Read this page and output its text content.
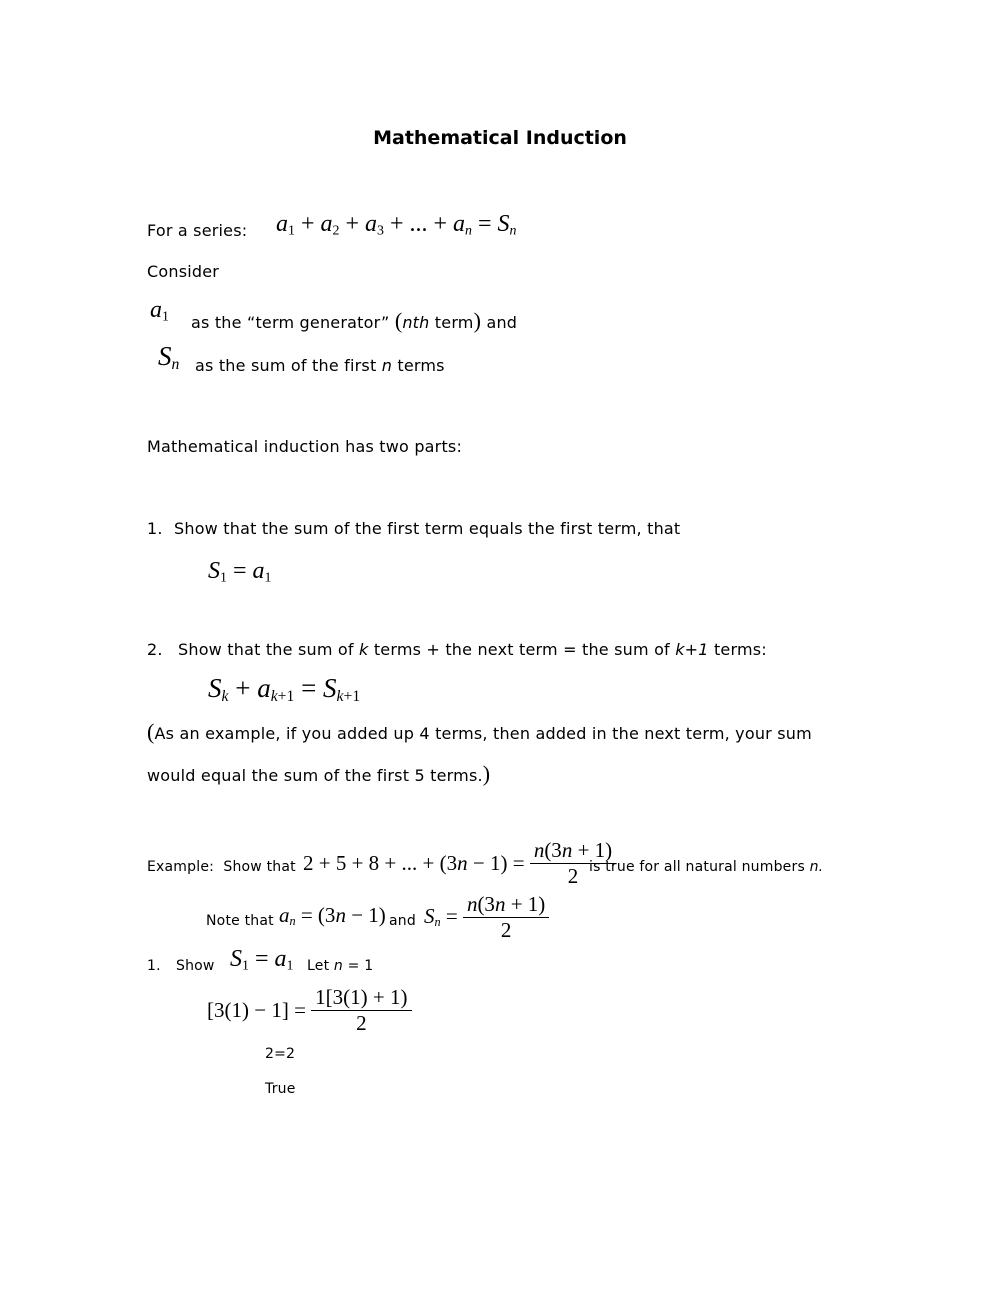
Mathematical Induction
For a series: $a_1 + a_2 + a_3$ + ... + $a_n = S_n$
Consider
$a_1$ as the “term generator” (nth term) and
$S_n$ as the sum of the first n terms
Mathematical induction has two parts:
1. Show that the sum of the first term equals the first term, that
$S_1 = a_1$
2. Show that the sum of k terms + the next term = the sum of k+1 terms:
$S_k + a_{k+1} = S_{k+1}$
(As an example, if you added up 4 terms, then added in the next term, your sum
would equal the sum of the first 5 terms.)
Example: Show that 2 + 5 + 8 + ... + $(3n - 1) = \frac{n(3n + 1)}{2}$
is true for all natural numbers n.
Note that $a_n = (3n - 1)$ and $S_n = \frac{n(3n + 1)}{2}$
1. Show $S_1 = a_1$ Let n = 1
$[3(1) - 1] = \frac{1[3(1) + 1)}{2}$
2=2
True
